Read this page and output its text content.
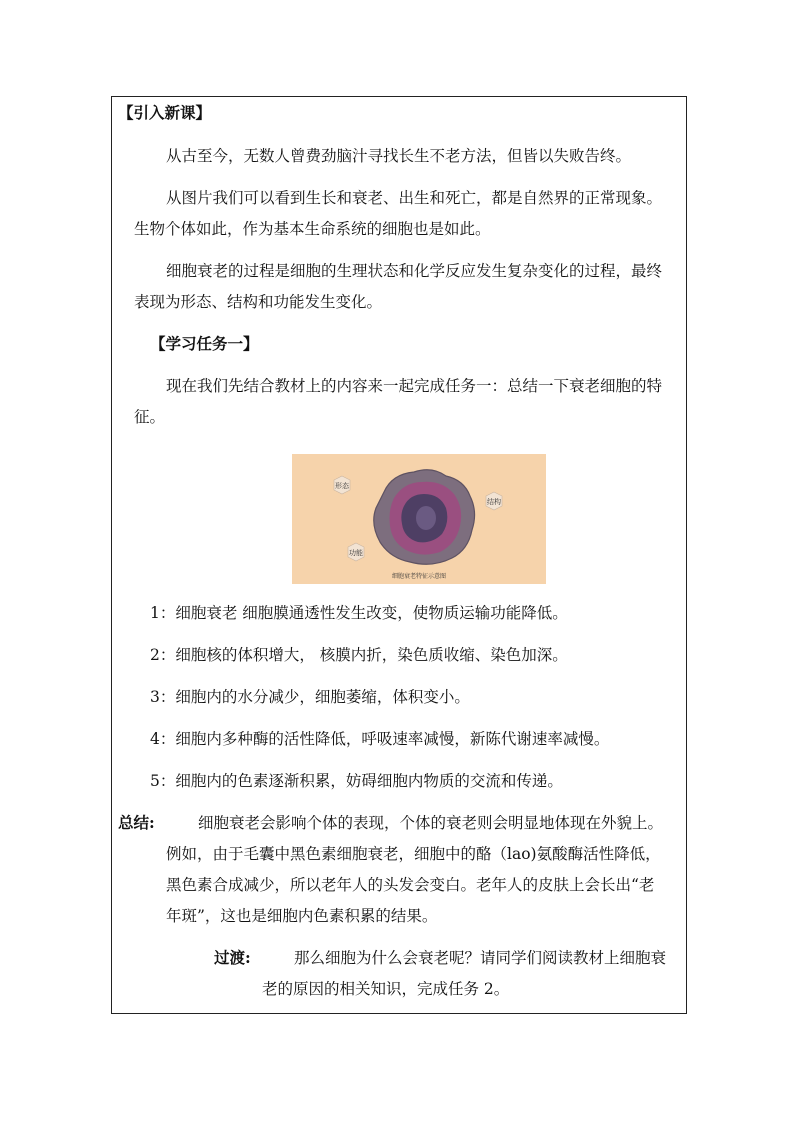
【引入新课】
从古至今，无数人曾费劲脑汁寻找长生不老方法，但皆以失败告终。
从图片我们可以看到生长和衰老、出生和死亡，都是自然界的正常现象。
生物个体如此，作为基本生命系统的细胞也是如此。
细胞衰老的过程是细胞的生理状态和化学反应发生复杂变化的过程，最终
表现为形态、结构和功能发生变化。
【学习任务一】
现在我们先结合教材上的内容来一起完成任务一：总结一下衰老细胞的特
征。
形态
结构
功能
细胞衰老特征示意图
1：细胞衰老 细胞膜通透性发生改变，使物质运输功能降低。
2：细胞核的体积增大， 核膜内折，染色质收缩、染色加深。
3：细胞内的水分减少，细胞萎缩，体积变小。
4：细胞内多种酶的活性降低，呼吸速率减慢，新陈代谢速率减慢。
5：细胞内的色素逐渐积累，妨碍细胞内物质的交流和传递。
总结:	细胞衰老会影响个体的表现，个体的衰老则会明显地体现在外貌上。
例如，由于毛囊中黑色素细胞衰老，细胞中的酪（lao)氨酸酶活性降低，
黑色素合成减少，所以老年人的头发会变白。老年人的皮肤上会长出“老
年斑”，这也是细胞内色素积累的结果。
过渡:	那么细胞为什么会衰老呢？请同学们阅读教材上细胞衰
老的原因的相关知识，完成任务 2。
